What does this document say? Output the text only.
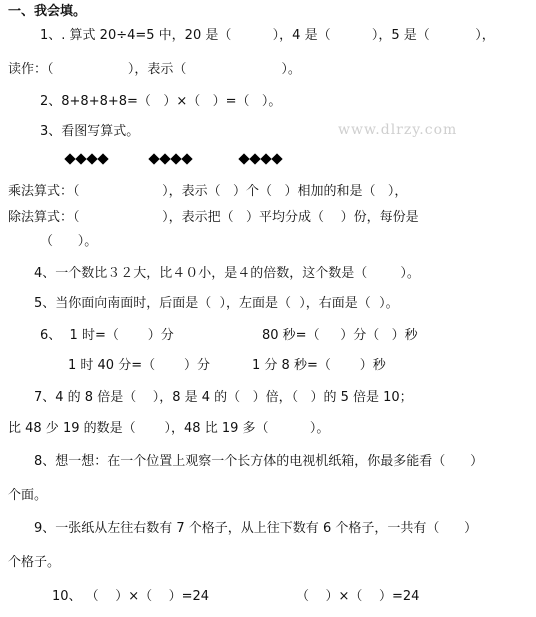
一、我会填。
1、. 算式 20÷4=5 中，20 是（          ），4 是（          ），5 是（           ），
读作：（                  ），表示（                       ）。
2、8+8+8+8=（   ）×（   ）=（   ）。
3、看图写算式。	www.dlrzy.com
乘法算式：（                    ），表示（   ）个（   ）相加的和是（   ），
除法算式：（                    ），表示把（   ）平均分成（    ）份，每份是
（      ）。
4、一个数比３２大，比４０小，是４的倍数，这个数是（        ）。
5、当你面向南面时，后面是（  ），左面是（  ），右面是（  ）。
6、  1 时=（       ）分	80 秒=（     ）分（   ）秒
1 时 40 分=（       ）分	1 分 8 秒=（       ）秒
7、4 的 8 倍是（    ），8 是 4 的（   ）倍，（   ）的 5 倍是 10；
比 48 少 19 的数是（       ），48 比 19 多（          ）。
8、想一想：在一个位置上观察一个长方体的电视机纸箱，你最多能看（      ）
个面。
9、一张纸从左往右数有 7 个格子，从上往下数有 6 个格子，一共有（      ）
个格子。
10、 （    ）×（    ）=24	（    ）×（    ）=24
